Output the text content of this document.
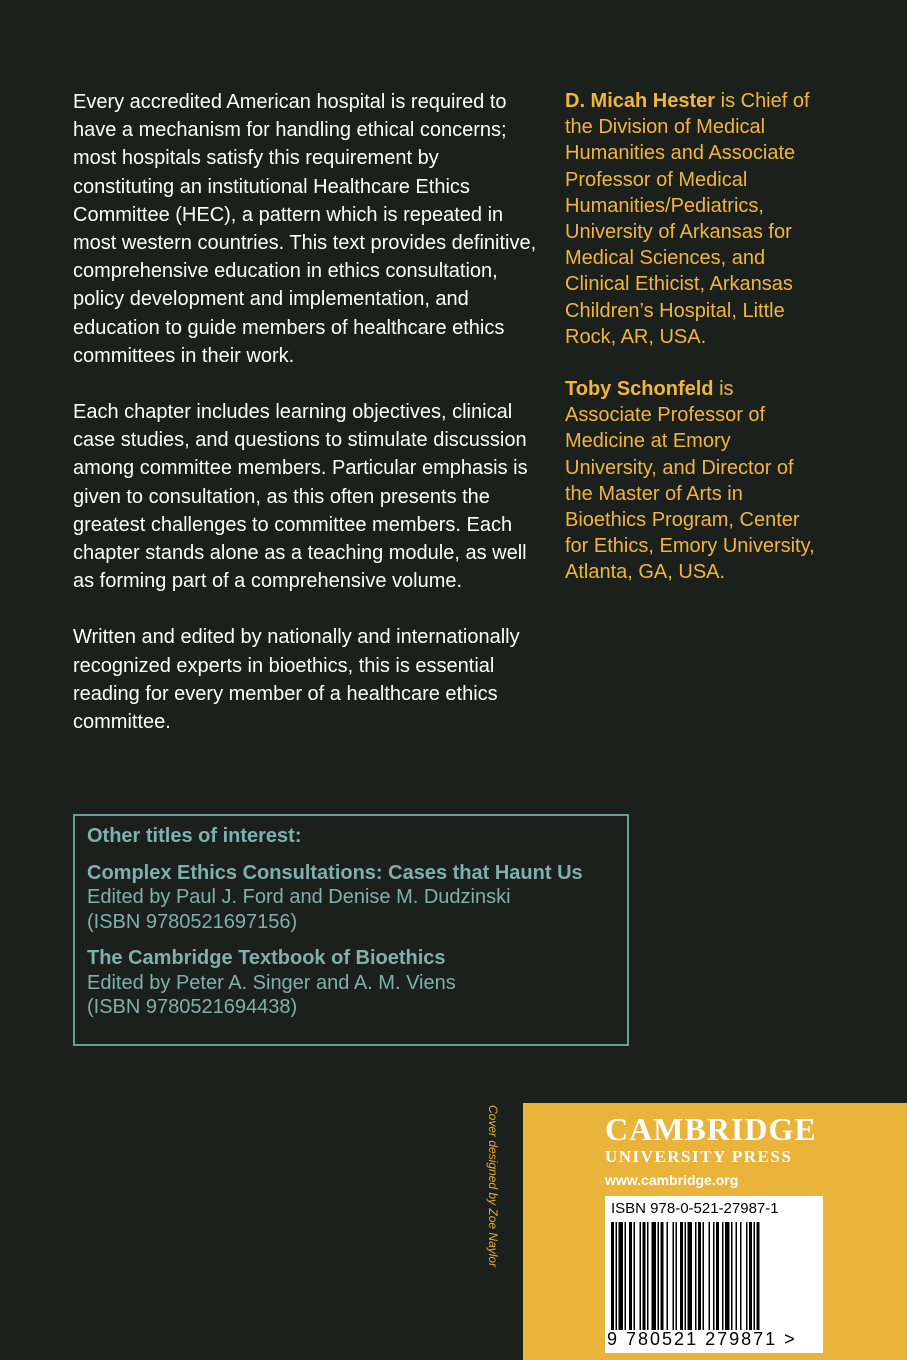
Every accredited American hospital is required to have a mechanism for handling ethical concerns; most hospitals satisfy this requirement by constituting an institutional Healthcare Ethics Committee (HEC), a pattern which is repeated in most western countries. This text provides definitive, comprehensive education in ethics consultation, policy development and implementation, and education to guide members of healthcare ethics committees in their work.

Each chapter includes learning objectives, clinical case studies, and questions to stimulate discussion among committee members. Particular emphasis is given to consultation, as this often presents the greatest challenges to committee members. Each chapter stands alone as a teaching module, as well as forming part of a comprehensive volume.

Written and edited by nationally and internationally recognized experts in bioethics, this is essential reading for every member of a healthcare ethics committee.

D. Micah Hester is Chief of the Division of Medical Humanities and Associate Professor of Medical Humanities/Pediatrics, University of Arkansas for Medical Sciences, and Clinical Ethicist, Arkansas Children’s Hospital, Little Rock, AR, USA.

Toby Schonfeld is Associate Professor of Medicine at Emory University, and Director of the Master of Arts in Bioethics Program, Center for Ethics, Emory University, Atlanta, GA, USA.

Other titles of interest:
Complex Ethics Consultations: Cases that Haunt Us
Edited by Paul J. Ford and Denise M. Dudzinski
(ISBN 9780521697156)
The Cambridge Textbook of Bioethics
Edited by Peter A. Singer and A. M. Viens
(ISBN 9780521694438)
Cover designed by Zoe Naylor	CAMBRIDGE
UNIVERSITY PRESS
www.cambridge.org
ISBN 978-0-521-27987-1
9 780521 279871 >
